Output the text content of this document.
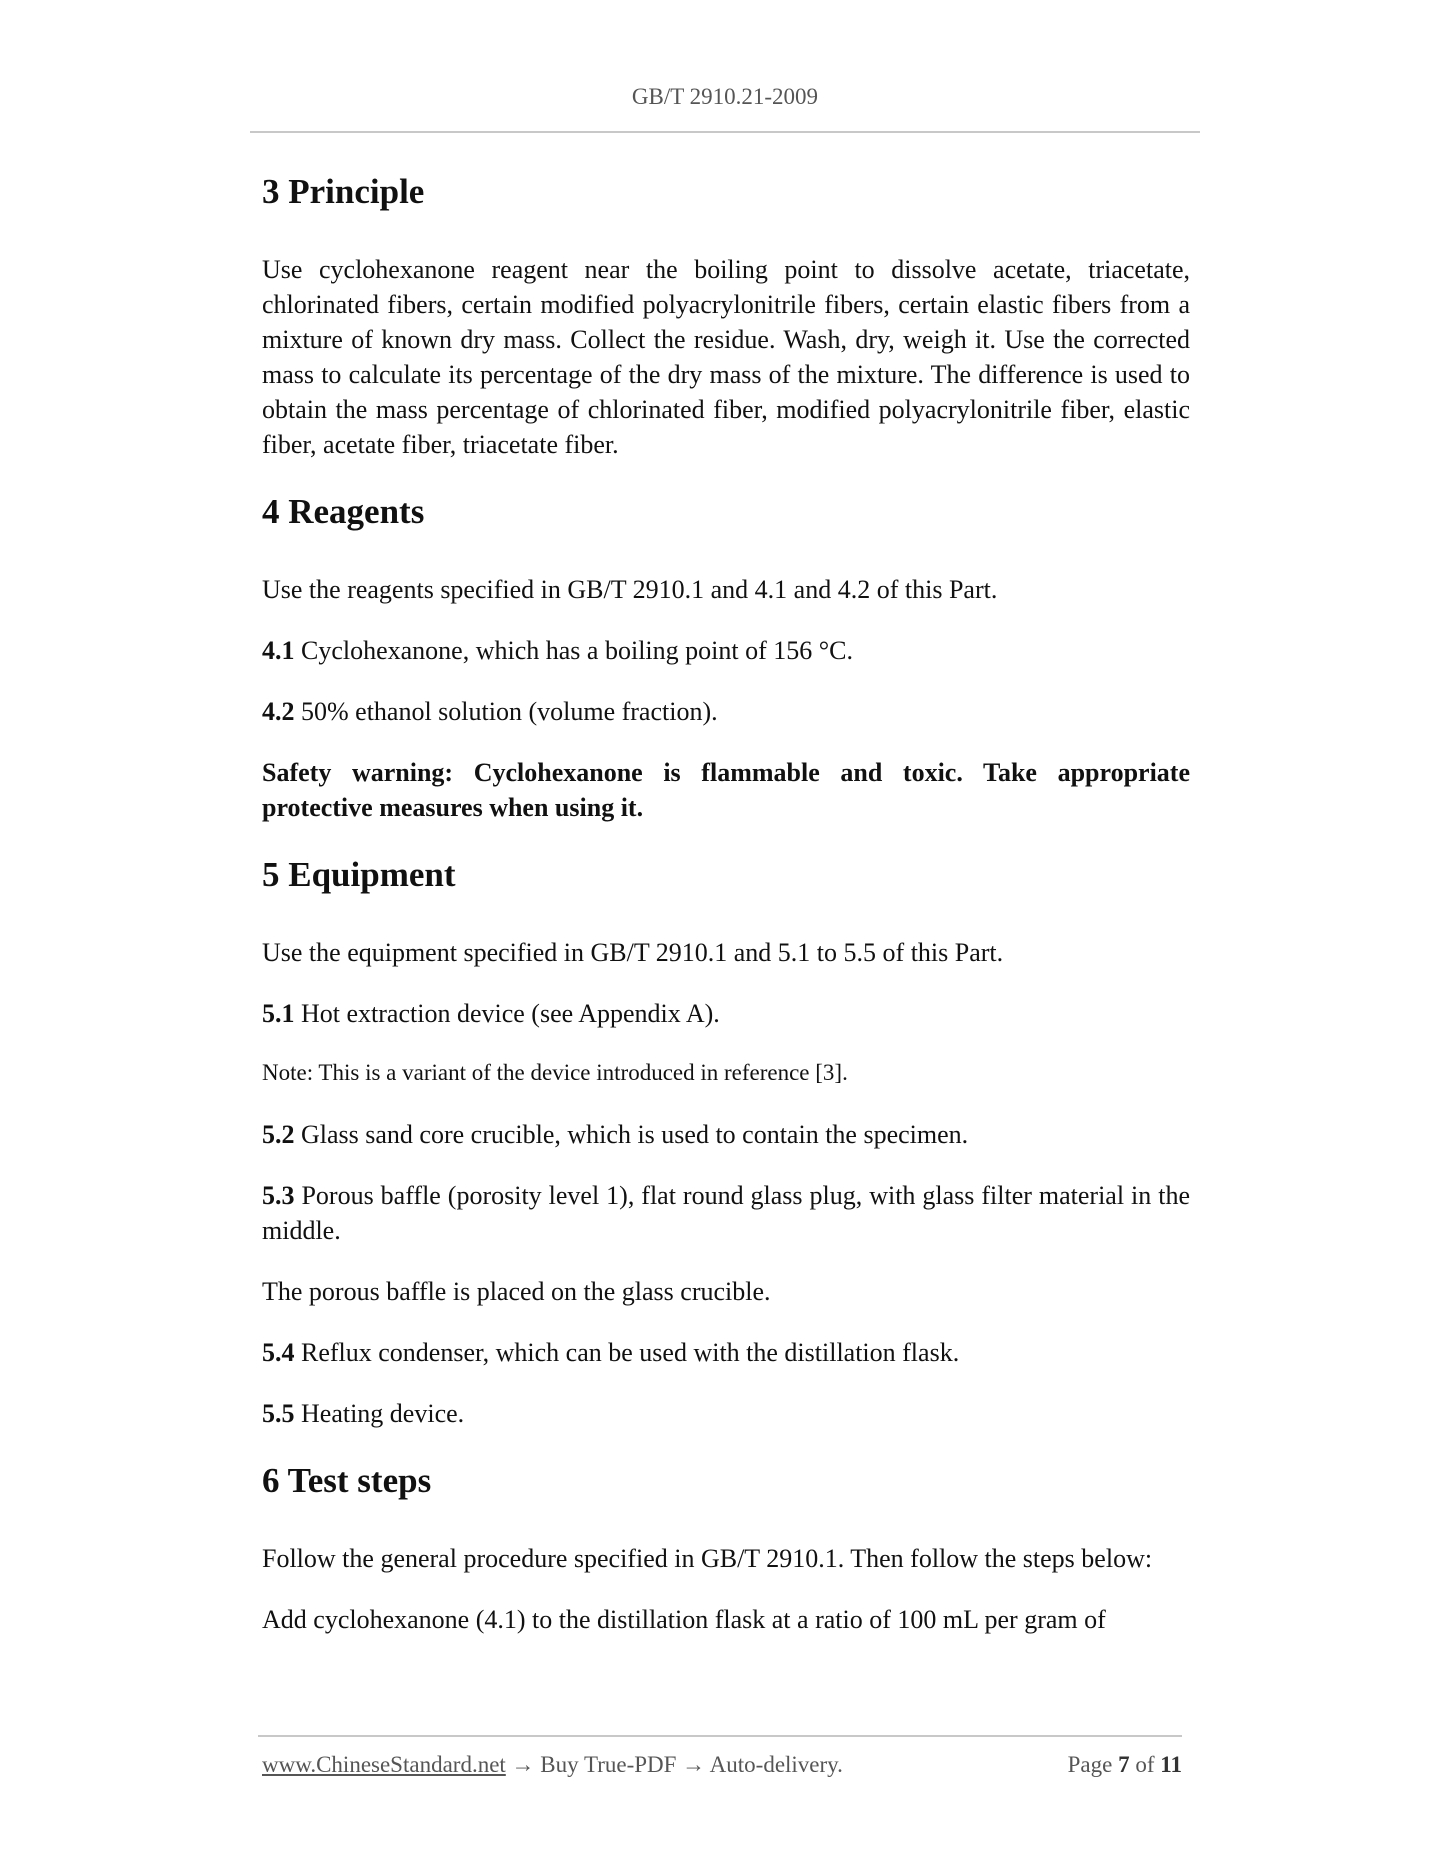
GB/T 2910.21-2009
3 Principle

Use cyclohexanone reagent near the boiling point to dissolve acetate, triacetate, chlorinated fibers, certain modified polyacrylonitrile fibers, certain elastic fibers from a mixture of known dry mass. Collect the residue. Wash, dry, weigh it. Use the corrected mass to calculate its percentage of the dry mass of the mixture. The difference is used to obtain the mass percentage of chlorinated fiber, modified polyacrylonitrile fiber, elastic fiber, acetate fiber, triacetate fiber.

4 Reagents

Use the reagents specified in GB/T 2910.1 and 4.1 and 4.2 of this Part.

4.1 Cyclohexanone, which has a boiling point of 156 °C.

4.2 50% ethanol solution (volume fraction).

Safety warning: Cyclohexanone is flammable and toxic. Take appropriate protective measures when using it.

5 Equipment

Use the equipment specified in GB/T 2910.1 and 5.1 to 5.5 of this Part.

5.1 Hot extraction device (see Appendix A).

Note: This is a variant of the device introduced in reference [3].

5.2 Glass sand core crucible, which is used to contain the specimen.

5.3 Porous baffle (porosity level 1), flat round glass plug, with glass filter material in the middle.

The porous baffle is placed on the glass crucible.

5.4 Reflux condenser, which can be used with the distillation flask.

5.5 Heating device.

6 Test steps

Follow the general procedure specified in GB/T 2910.1. Then follow the steps below:

Add cyclohexanone (4.1) to the distillation flask at a ratio of 100 mL per gram of

www.ChineseStandard.net → Buy True-PDF → Auto-delivery.	Page 7 of 11
